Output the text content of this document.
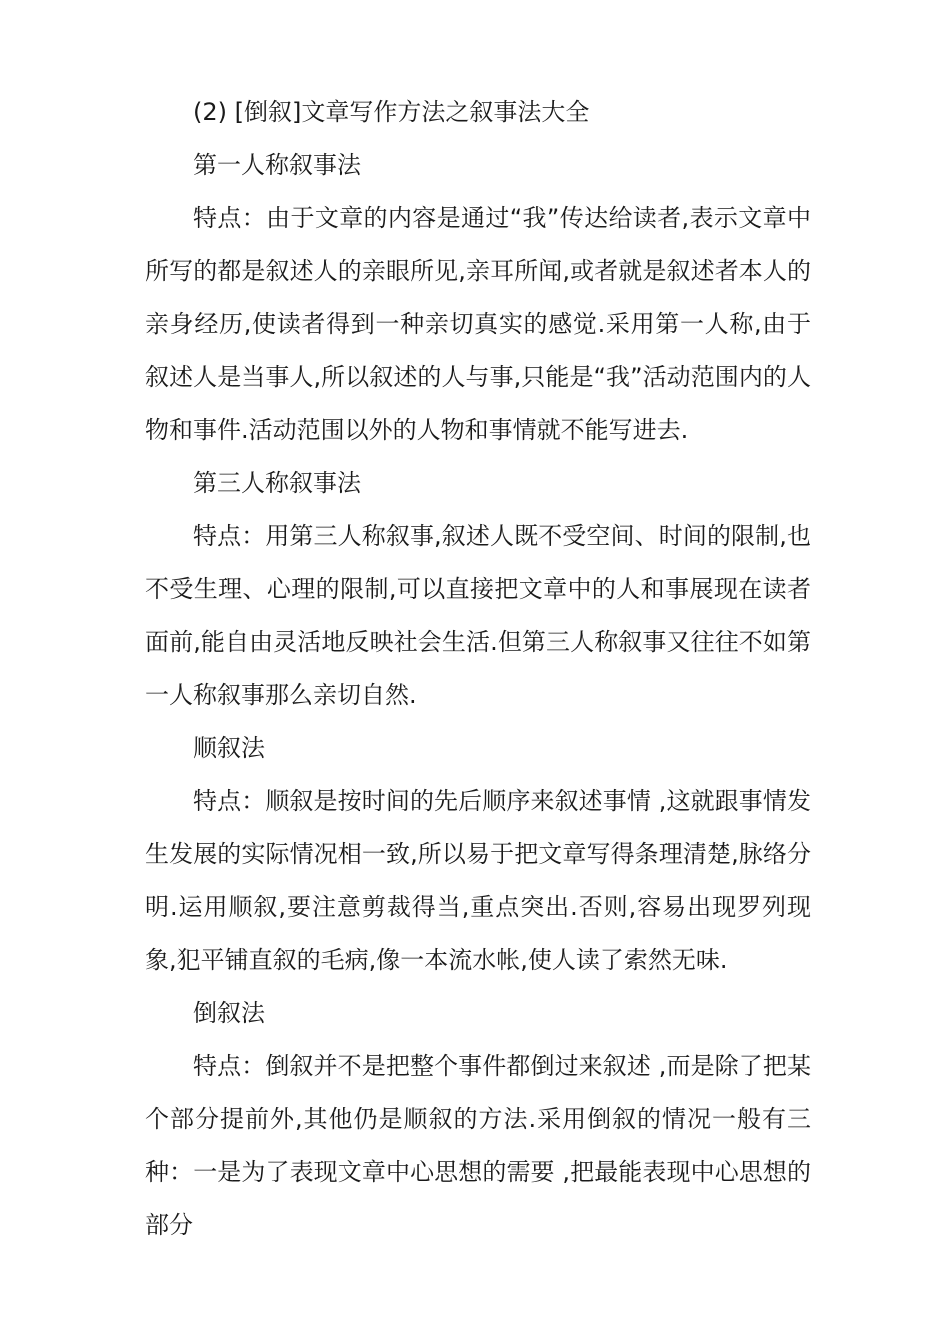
(2) [倒叙]文章写作方法之叙事法大全

第一人称叙事法

特点：由于文章的内容是通过“我”传达给读者,表示文章中所写的都是叙述人的亲眼所见,亲耳所闻,或者就是叙述者本人的亲身经历,使读者得到一种亲切真实的感觉.采用第一人称,由于叙述人是当事人,所以叙述的人与事,只能是“我”活动范围内的人物和事件.活动范围以外的人物和事情就不能写进去.

第三人称叙事法

特点：用第三人称叙事,叙述人既不受空间、时间的限制,也不受生理、心理的限制,可以直接把文章中的人和事展现在读者面前,能自由灵活地反映社会生活.但第三人称叙事又往往不如第一人称叙事那么亲切自然.

顺叙法

特点：顺叙是按时间的先后顺序来叙述事情 ,这就跟事情发生发展的实际情况相一致,所以易于把文章写得条理清楚,脉络分明.运用顺叙,要注意剪裁得当,重点突出.否则,容易出现罗列现象,犯平铺直叙的毛病,像一本流水帐,使人读了索然无味.

倒叙法

特点：倒叙并不是把整个事件都倒过来叙述 ,而是除了把某个部分提前外,其他仍是顺叙的方法.采用倒叙的情况一般有三种：一是为了表现文章中心思想的需要 ,把最能表现中心思想的部分
